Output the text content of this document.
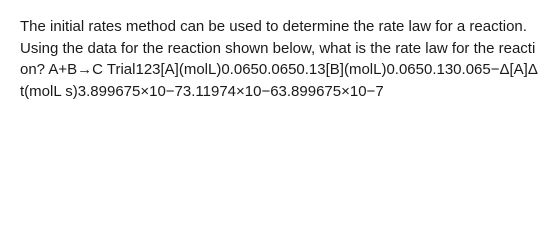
The initial rates method can be used to determine the rate law for a reaction. Using the data for the reaction shown below, what is the rate law for the reaction? A+B→C Trial123[A](molL)0.0650.0650.13[B](molL)0.0650.130.065−Δ[A]Δt(molL s)3.899675×10−73.11974×10−63.899675×10−7
